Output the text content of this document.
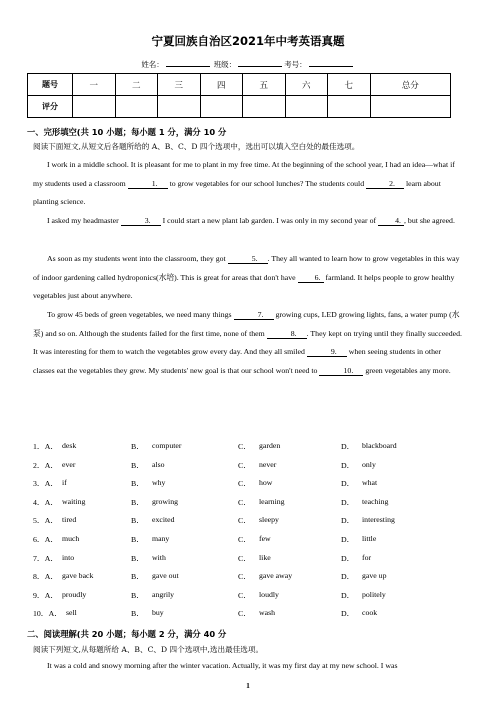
宁夏回族自治区2021年中考英语真题
姓名：	班级：	考号：
题号	一	二	三	四	五	六	七	总分
评分								
一、完形填空(共 10 小题；每小题 1 分，满分 10 分
阅读下面短文,从短文后各题所给的 A、B、C、D 四个选项中，选出可以填入空白处的最佳选项。
I work in a middle school. It is pleasant for me to plant in my free time. At the beginning of the school year, I had an idea—what if my students used a classroom	1. to grow vegetables for our school lunches? The students could	2. learn about planting science.
I asked my headmaster	3. I could start a new plant lab garden. I was only in my second year of 4. , but she agreed.
As soon as my students went into the classroom, they got	5. . They all wanted to learn how to grow vegetables in this way of indoor gardening called hydroponics(水培). This is great for areas that don't have 6. farmland. It helps people to grow healthy vegetables just about anywhere.
To grow 45 beds of green vegetables, we need many things	7. growing cups, LED growing lights, fans, a water pump (水泵) and so on. Although the students failed for the first time, none of them	8. . They kept on trying until they finally succeeded. It was interesting for them to watch the vegetables grow every day. And they all smiled	9. when seeing students in other classes eat the vegetables they grew. My students' new goal is that our school won't need to	10. green vegetables any more.
1．A． desk	B． computer	C． garden	D． blackboard
2．A． ever	B． also	C． never	D． only
3．A． if	B． why	C． how	D． what
4．A． waiting	B． growing	C． learning	D． teaching
5．A． tired	B． excited	C． sleepy	D． interesting
6．A． much	B． many	C． few	D． little
7．A． into	B． with	C． like	D． for
8．A． gave back	B． gave out	C． gave away	D． gave up
9．A． proudly	B． angrily	C． loudly	D． politely
10．A． sell	B． buy	C． wash	D． cook
二、阅读理解(共 20 小题；每小题 2 分，满分 40 分
阅读下列短文,从每题所给 A、B、C、D 四个选项中,选出最佳选项。
It was a cold and snowy morning after the winter vacation. Actually, it was my first day at my new school. I was
1
